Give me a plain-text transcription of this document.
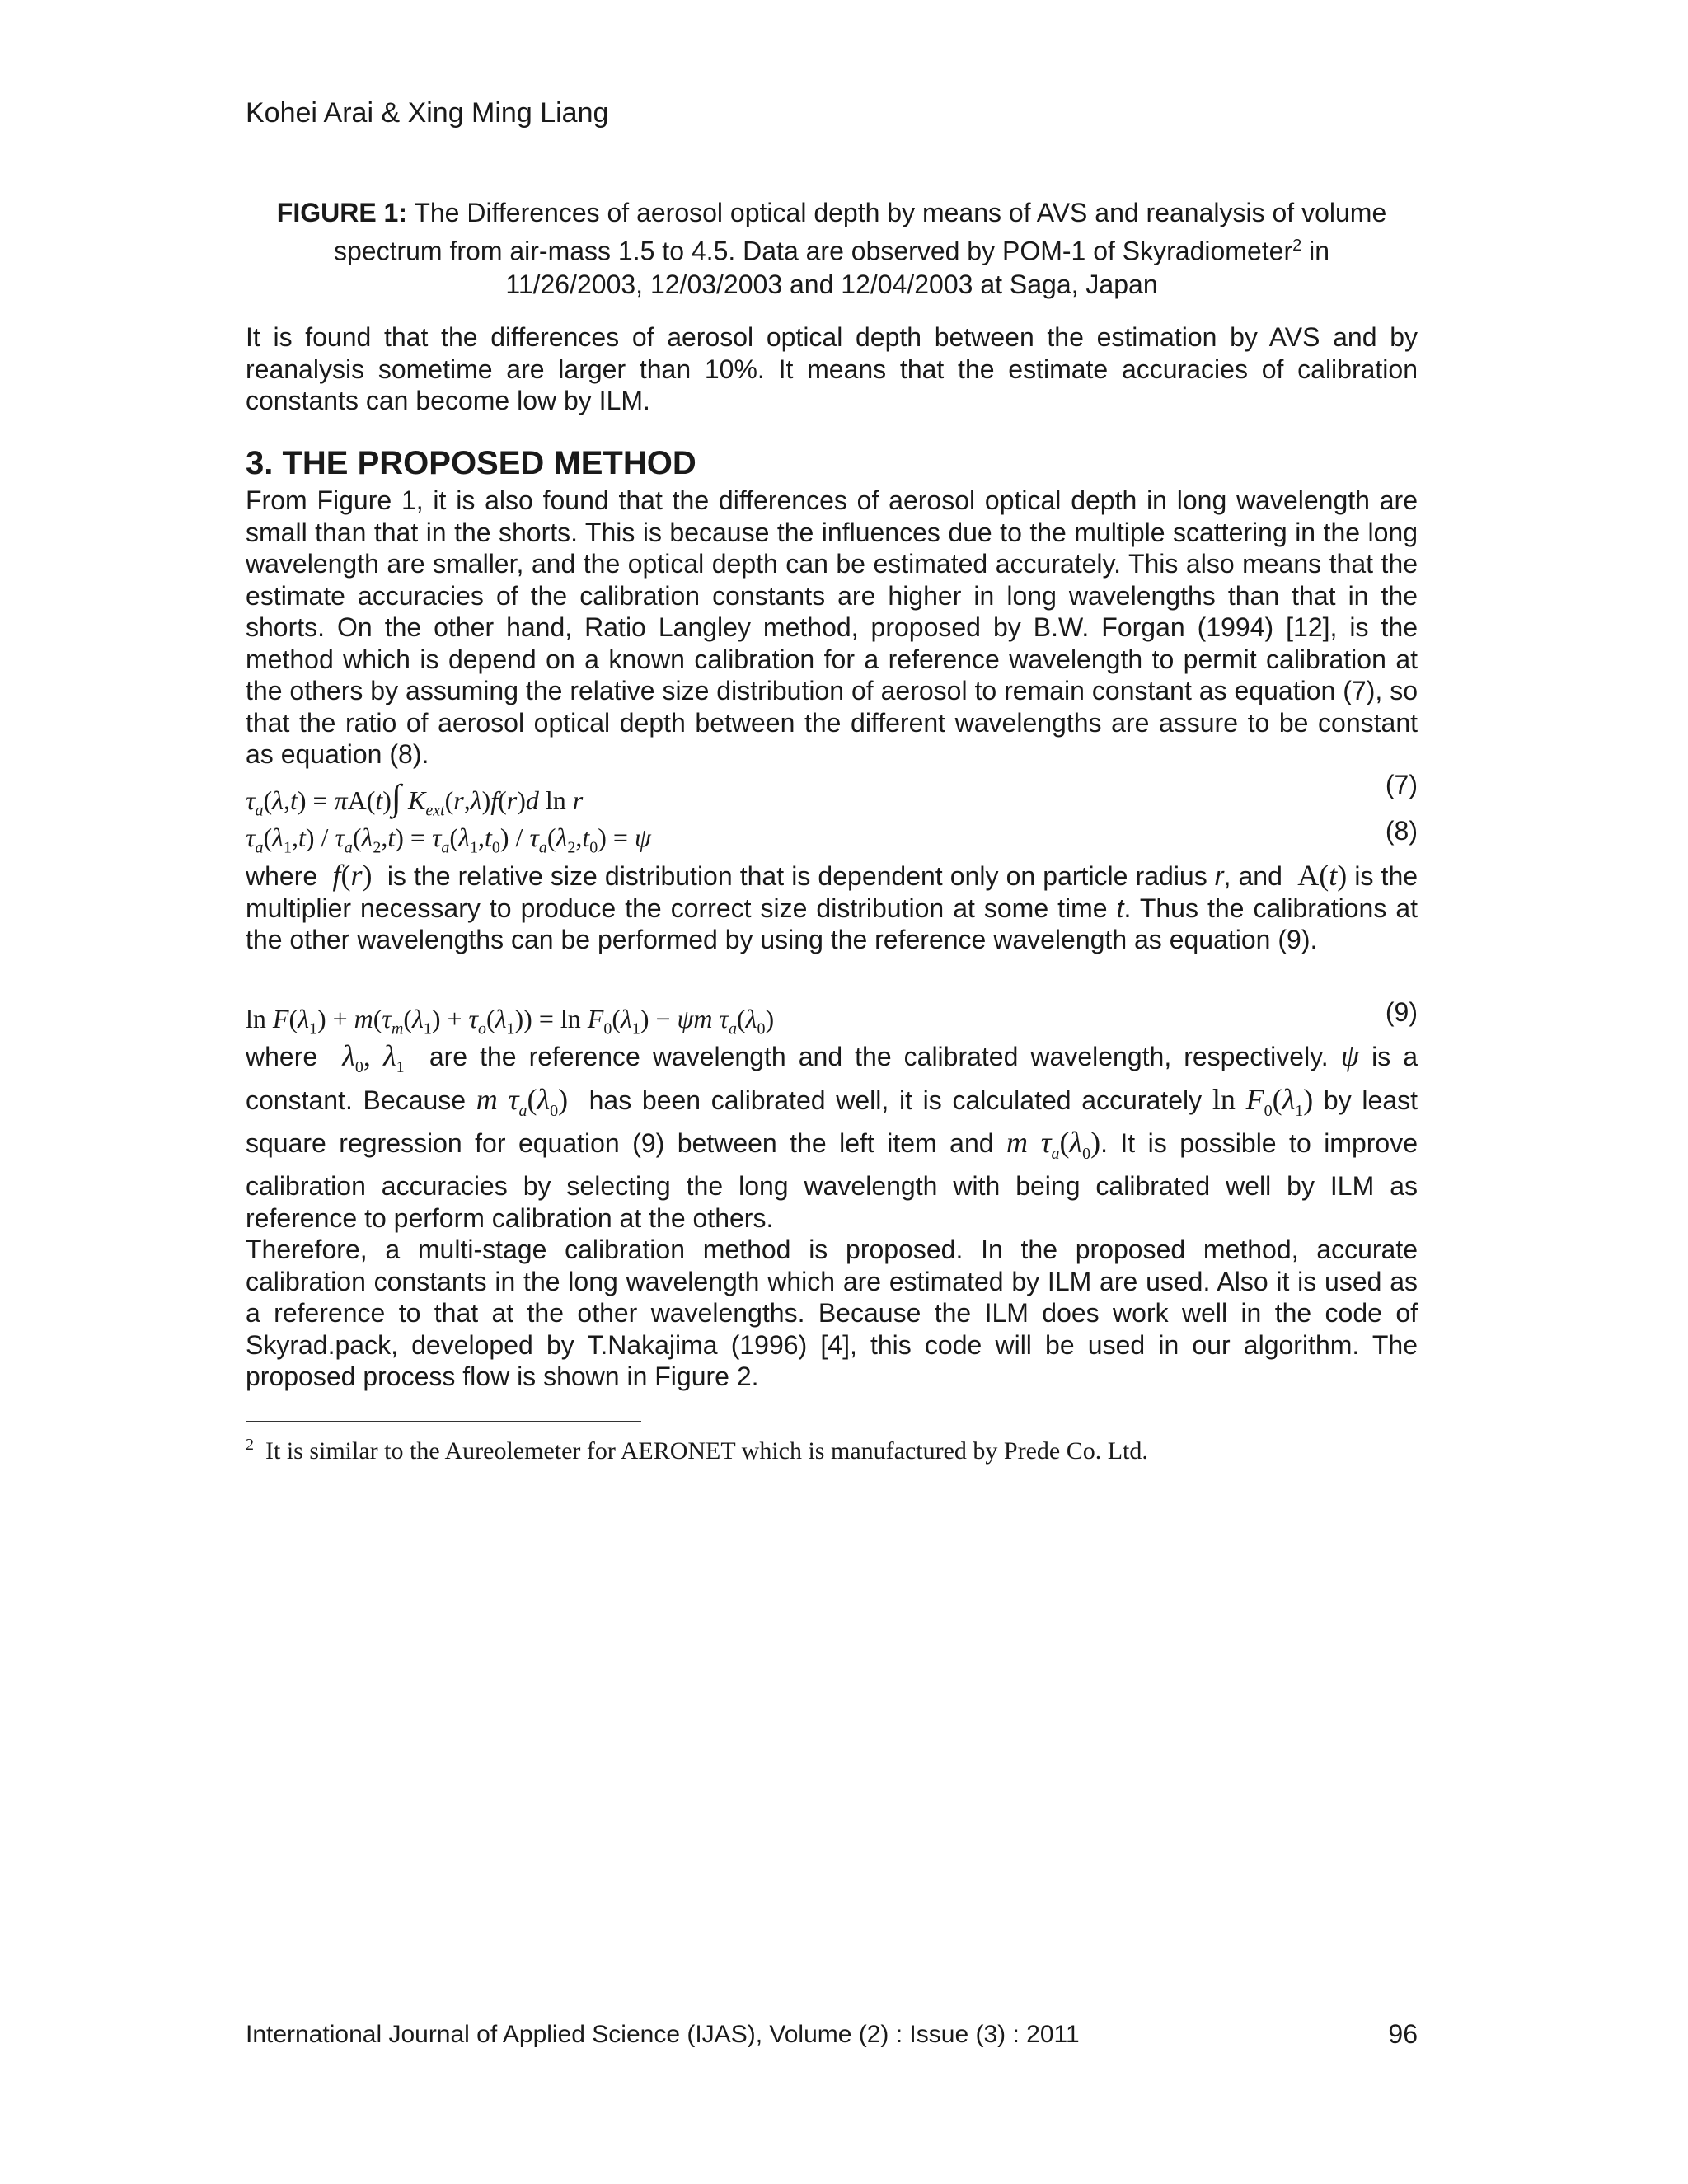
Kohei Arai & Xing Ming Liang
FIGURE 1: The Differences of aerosol optical depth by means of AVS and reanalysis of volume
spectrum from air-mass 1.5 to 4.5. Data are observed by POM-1 of Skyradiometer$^2$ in
11/26/2003, 12/03/2003 and 12/04/2003 at Saga, Japan

It is found that the differences of aerosol optical depth between the estimation by AVS and by reanalysis sometime are larger than 10%. It means that the estimate accuracies of calibration constants can become low by ILM.

3. THE PROPOSED METHOD

From Figure 1, it is also found that the differences of aerosol optical depth in long wavelength are small than that in the shorts. This is because the influences due to the multiple scattering in the long wavelength are smaller, and the optical depth can be estimated accurately. This also means that the estimate accuracies of the calibration constants are higher in long wavelengths than that in the shorts. On the other hand, Ratio Langley method, proposed by B.W. Forgan (1994) [12], is the method which is depend on a known calibration for a reference wavelength to permit calibration at the others by assuming the relative size distribution of aerosol to remain constant as equation (7), so that the ratio of aerosol optical depth between the different wavelengths are assure to be constant as equation (8).

$\tau_a(\lambda,t) = \pi A(t)\int$ $K_{ext}(r,\lambda)f(r)d$ ln r
(7)
$\tau_a(\lambda_1,t) / \tau_a(\lambda_2,t) = \tau_a(\lambda_1,t_0) / \tau_a(\lambda_2,t_0) = \psi$	(8)

where  f(r)  is the relative size distribution that is dependent only on particle radius r, and  A(t) is the multiplier necessary to produce the correct size distribution at some time t. Thus the calibrations at the other wavelengths can be performed by using the reference wavelength as equation (9).

$\ln F(\lambda_1) + m(\tau_m(\lambda_1) + \tau_o(\lambda_1)) = \ln F_0(\lambda_1) - \psi m$ $\tau_a(\lambda_0)$	(9)

where  $\lambda_0$, $\lambda_1$  are the reference wavelength and the calibrated wavelength, respectively. ψ is a constant. Because m $\tau_a(\lambda_0)$  has been calibrated well, it is calculated accurately $\ln F_0(\lambda_1)$ by least square regression for equation (9) between the left item and m $\tau_a(\lambda_0)$. It is possible to improve calibration accuracies by selecting the long wavelength with being calibrated well by ILM as reference to perform calibration at the others.
Therefore, a multi-stage calibration method is proposed. In the proposed method, accurate calibration constants in the long wavelength which are estimated by ILM are used. Also it is used as a reference to that at the other wavelengths. Because the ILM does work well in the code of Skyrad.pack, developed by T.Nakajima (1996) [4], this code will be used in our algorithm. The proposed process flow is shown in Figure 2.

$^2$ It is similar to the Aureolemeter for AERONET which is manufactured by Prede Co. Ltd.
International Journal of Applied Science (IJAS), Volume (2) : Issue (3) : 2011	96
